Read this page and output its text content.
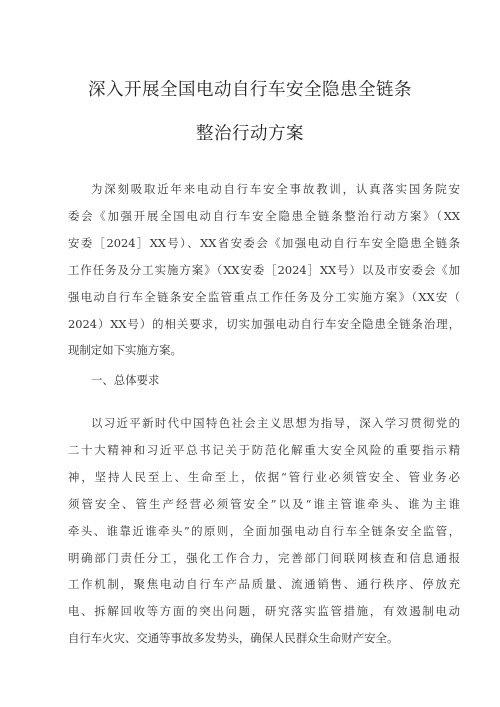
深入开展全国电动自行车安全隐患全链条
整治行动方案

为深刻吸取近年来电动自行车安全事故教训，认真落实国务院安
委会《加强开展全国电动自行车安全隐患全链条整治行动方案》（XX
安委［2024］XX号）、XX省安委会《加强电动自行车安全隐患全链条
工作任务及分工实施方案》（XX安委［2024］XX号）以及市安委会《加
强电动自行车全链条安全监管重点工作任务及分工实施方案》（XX安（
2024）XX号）的相关要求，切实加强电动自行车安全隐患全链条治理，
现制定如下实施方案。

一、总体要求

以习近平新时代中国特色社会主义思想为指导，深入学习贯彻党的
二十大精神和习近平总书记关于防范化解重大安全风险的重要指示精
神，坚持人民至上、生命至上，依据“管行业必须管安全、管业务必
须管安全、管生产经营必须管安全”以及“谁主管谁牵头、谁为主谁
牵头、谁靠近谁牵头”的原则，全面加强电动自行车全链条安全监管，
明确部门责任分工，强化工作合力，完善部门间联网核查和信息通报
工作机制，聚焦电动自行车产品质量、流通销售、通行秩序、停放充
电、拆解回收等方面的突出问题，研究落实监管措施，有效遏制电动
自行车火灾、交通等事故多发势头，确保人民群众生命财产安全。
